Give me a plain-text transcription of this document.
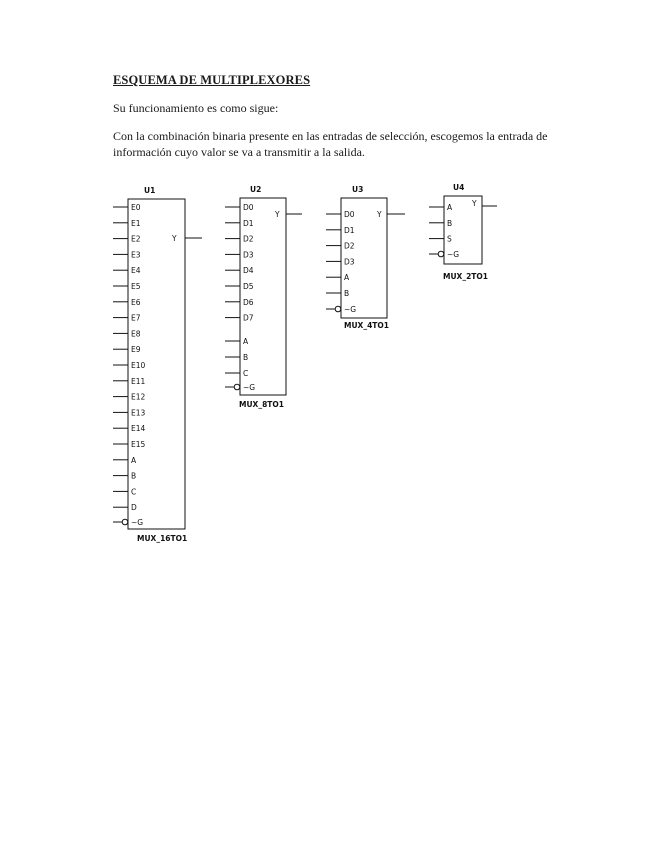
ESQUEMA DE MULTIPLEXORES
Su funcionamiento es como sigue:
Con la combinación binaria presente en las entradas de selección, escogemos la entrada de información cuyo valor se va a transmitir a la salida.
U1
Y
E0
E1
E2
E3
E4
E5
E6
E7
E8
E9
E10
E11
E12
E13
E14
E15
A
B
C
D
~G
MUX_16TO1
U2
Y
D0
D1
D2
D3
D4
D5
D6
D7
A
B
C
~G
MUX_8TO1
U3
Y
D0
D1
D2
D3
A
B
~G
MUX_4TO1
U4
Y
A
B
S
~G
MUX_2TO1
